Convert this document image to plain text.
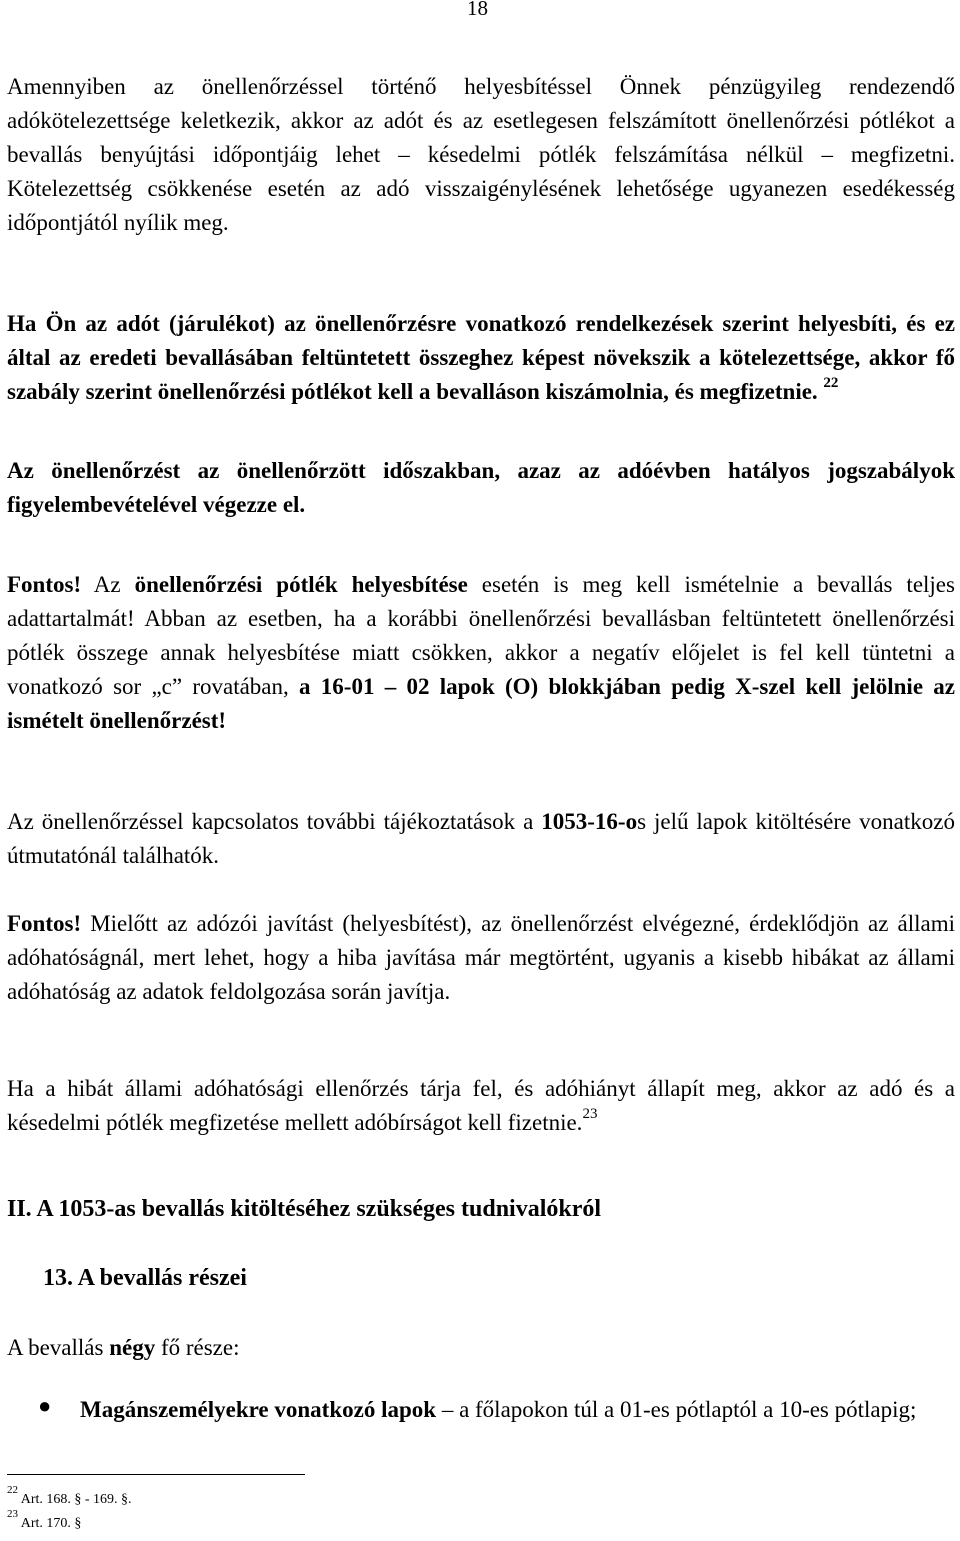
18

Amennyiben az önellenőrzéssel történő helyesbítéssel Önnek pénzügyileg rendezendő adókötelezettsége keletkezik, akkor az adót és az esetlegesen felszámított önellenőrzési pótlékot a bevallás benyújtási időpontjáig lehet – késedelmi pótlék felszámítása nélkül – megfizetni. Kötelezettség csökkenése esetén az adó visszaigénylésének lehetősége ugyanezen esedékesség időpontjától nyílik meg.

Ha Ön az adót (járulékot) az önellenőrzésre vonatkozó rendelkezések szerint helyesbíti, és ez által az eredeti bevallásában feltüntetett összeghez képest növekszik a kötelezettsége, akkor fő szabály szerint önellenőrzési pótlékot kell a bevalláson kiszámolnia, és megfizetnie. $^{22}$

Az önellenőrzést az önellenőrzött időszakban, azaz az adóévben hatályos jogszabályok figyelembevételével végezze el.

Fontos! Az önellenőrzési pótlék helyesbítése esetén is meg kell ismételnie a bevallás teljes adattartalmát! Abban az esetben, ha a korábbi önellenőrzési bevallásban feltüntetett önellenőrzési pótlék összege annak helyesbítése miatt csökken, akkor a negatív előjelet is fel kell tüntetni a vonatkozó sor „c” rovatában, a 16-01 – 02 lapok (O) blokkjában pedig X-szel kell jelölnie az ismételt önellenőrzést!

Az önellenőrzéssel kapcsolatos további tájékoztatások a 1053-16-os jelű lapok kitöltésére vonatkozó útmutatónál találhatók.

Fontos! Mielőtt az adózói javítást (helyesbítést), az önellenőrzést elvégezné, érdeklődjön az állami adóhatóságnál, mert lehet, hogy a hiba javítása már megtörtént, ugyanis a kisebb hibákat az állami adóhatóság az adatok feldolgozása során javítja.

Ha a hibát állami adóhatósági ellenőrzés tárja fel, és adóhiányt állapít meg, akkor az adó és a késedelmi pótlék megfizetése mellett adóbírságot kell fizetnie.$^{23}$

II. A 1053-as bevallás kitöltéséhez szükséges tudnivalókról
13. A bevallás részei

A bevallás négy fő része:

● Magánszemélyekre vonatkozó lapok – a főlapokon túl a 01-es pótlaptól a 10-es pótlapig;

$^{22}$ Art. 168. § - 169. §.
$^{23}$ Art. 170. §
